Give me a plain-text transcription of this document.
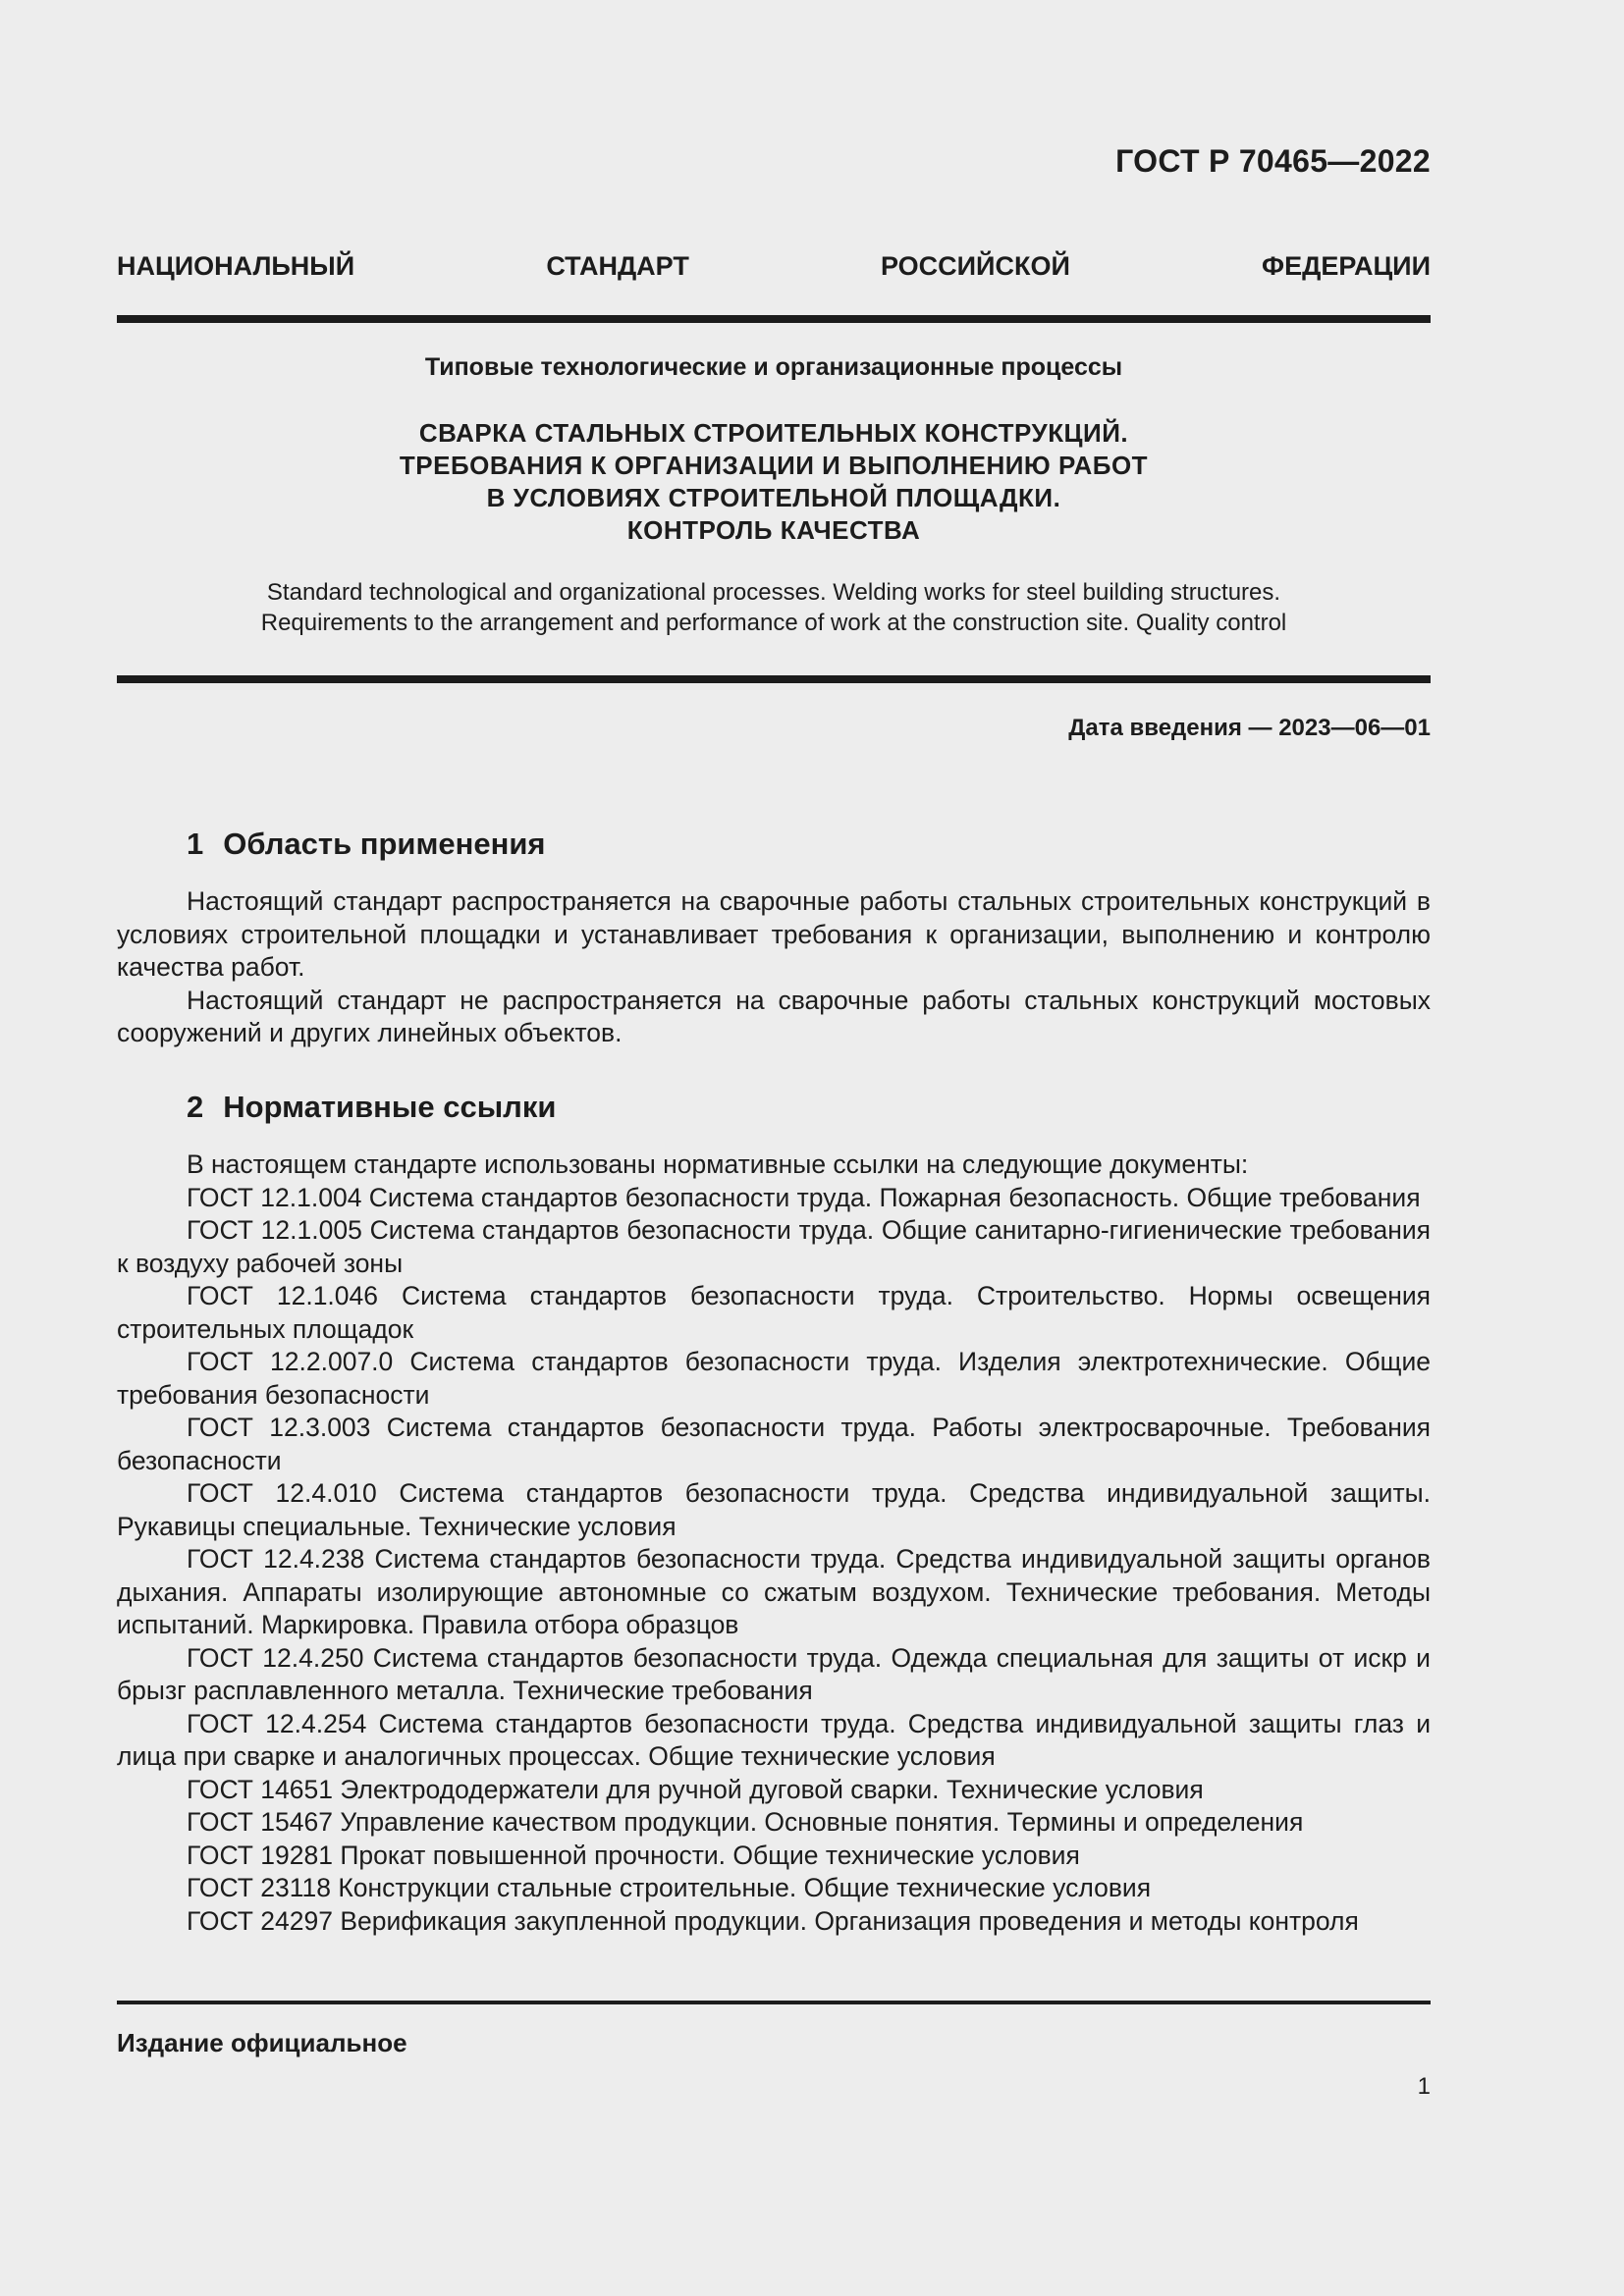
ГОСТ Р 70465—2022
НАЦИОНАЛЬНЫЙ	СТАНДАРТ	РОССИЙСКОЙ	ФЕДЕРАЦИИ
Типовые технологические и организационные процессы
СВАРКА СТАЛЬНЫХ СТРОИТЕЛЬНЫХ КОНСТРУКЦИЙ.
ТРЕБОВАНИЯ К ОРГАНИЗАЦИИ И ВЫПОЛНЕНИЮ РАБОТ
В УСЛОВИЯХ СТРОИТЕЛЬНОЙ ПЛОЩАДКИ.
КОНТРОЛЬ КАЧЕСТВА
Standard technological and organizational processes. Welding works for steel building structures.
Requirements to the arrangement and performance of work at the construction site. Quality control
Дата введения — 2023—06—01
1 Область применения

Настоящий стандарт распространяется на сварочные работы стальных строительных конструкций в условиях строительной площадки и устанавливает требования к организации, выполнению и контролю качества работ.

Настоящий стандарт не распространяется на сварочные работы стальных конструкций мостовых сооружений и других линейных объектов.

2 Нормативные ссылки

В настоящем стандарте использованы нормативные ссылки на следующие документы:

ГОСТ 12.1.004 Система стандартов безопасности труда. Пожарная безопасность. Общие требования

ГОСТ 12.1.005 Система стандартов безопасности труда. Общие санитарно-гигиенические требования к воздуху рабочей зоны

ГОСТ 12.1.046 Система стандартов безопасности труда. Строительство. Нормы освещения строительных площадок

ГОСТ 12.2.007.0 Система стандартов безопасности труда. Изделия электротехнические. Общие требования безопасности

ГОСТ 12.3.003 Система стандартов безопасности труда. Работы электросварочные. Требования безопасности

ГОСТ 12.4.010 Система стандартов безопасности труда. Средства индивидуальной защиты. Рукавицы специальные. Технические условия

ГОСТ 12.4.238 Система стандартов безопасности труда. Средства индивидуальной защиты органов дыхания. Аппараты изолирующие автономные со сжатым воздухом. Технические требования. Методы испытаний. Маркировка. Правила отбора образцов

ГОСТ 12.4.250 Система стандартов безопасности труда. Одежда специальная для защиты от искр и брызг расплавленного металла. Технические требования

ГОСТ 12.4.254 Система стандартов безопасности труда. Средства индивидуальной защиты глаз и лица при сварке и аналогичных процессах. Общие технические условия

ГОСТ 14651 Электрододержатели для ручной дуговой сварки. Технические условия

ГОСТ 15467 Управление качеством продукции. Основные понятия. Термины и определения

ГОСТ 19281 Прокат повышенной прочности. Общие технические условия

ГОСТ 23118 Конструкции стальные строительные. Общие технические условия

ГОСТ 24297 Верификация закупленной продукции. Организация проведения и методы контроля

Издание официальное
1
